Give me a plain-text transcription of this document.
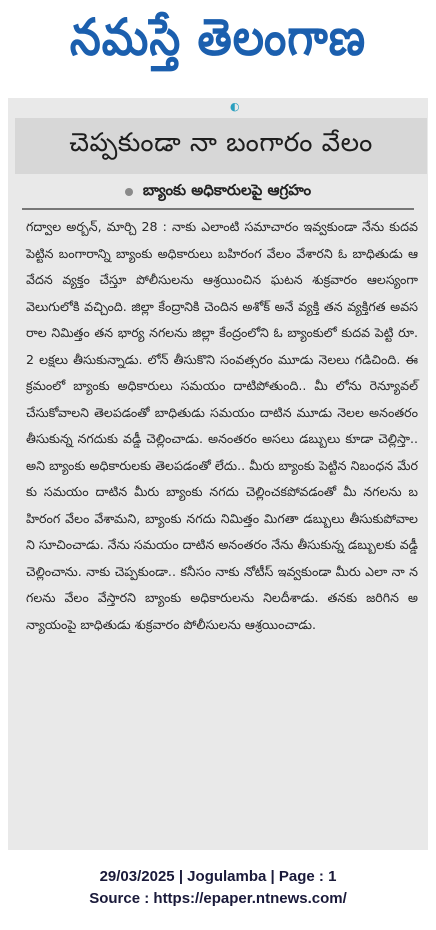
నమస్తే తెలంగాణ
◐
చెప్పకుండా నా బంగారం వేలం
బ్యాంకు అధికారులపై ఆగ్రహం
గద్వాల అర్బన్, మార్చి 28 : నాకు ఎలాంటి సమాచారం ఇవ్వకుండా నేను కుదవ పెట్టిన బంగారాన్ని బ్యాంకు అధికారులు బహిరంగ వేలం వేశారని ఓ బాధితుడు ఆవేదన వ్యక్తం చేస్తూ పోలీసులను ఆశ్రయించిన ఘటన శుక్రవారం ఆలస్యంగా వెలుగులోకి వచ్చింది. జిల్లా కేంద్రానికి చెందిన అశోక్ అనే వ్యక్తి తన వ్యక్తిగత అవసరాల నిమిత్తం తన భార్య నగలను జిల్లా కేంద్రంలోని ఓ బ్యాంకులో కుదవ పెట్టి రూ.2 లక్షలు తీసుకున్నాడు. లోన్ తీసుకొని సంవత్సరం మూడు నెలలు గడిచింది. ఈ క్రమంలో బ్యాంకు అధికారులు సమయం దాటిపోతుంది.. మీ లోను రెన్యూవల్ చేసుకోవాలని తెలపడంతో బాధితుడు సమయం దాటిన మూడు నెలల అనంతరం తీసుకున్న నగదుకు వడ్డీ చెల్లించాడు. అనంతరం అసలు డబ్బులు కూడా చెల్లిస్తా.. అని బ్యాంకు అధికారులకు తెలపడంతో లేదు.. మీరు బ్యాంకు పెట్టిన నిబంధన మేరకు సమయం దాటిన మీరు బ్యాంకు నగదు చెల్లించకపోవడంతో మీ నగలను బహిరంగ వేలం వేశామని, బ్యాంకు నగదు నిమిత్తం మిగతా డబ్బులు తీసుకుపోవాలని సూచించాడు. నేను సమయం దాటిన అనంతరం నేను తీసుకున్న డబ్బులకు వడ్డీ చెల్లించాను. నాకు చెప్పకుండా.. కనీసం నాకు నోటీస్ ఇవ్వకుండా మీరు ఎలా నా నగలను వేలం వేస్తారని బ్యాంకు అధికారులను నిలదీశాడు. తనకు జరిగిన అన్యాయంపై బాధితుడు శుక్రవారం పోలీసులను ఆశ్రయించాడు.
29/03/2025 | Jogulamba | Page : 1
Source : https://epaper.ntnews.com/
